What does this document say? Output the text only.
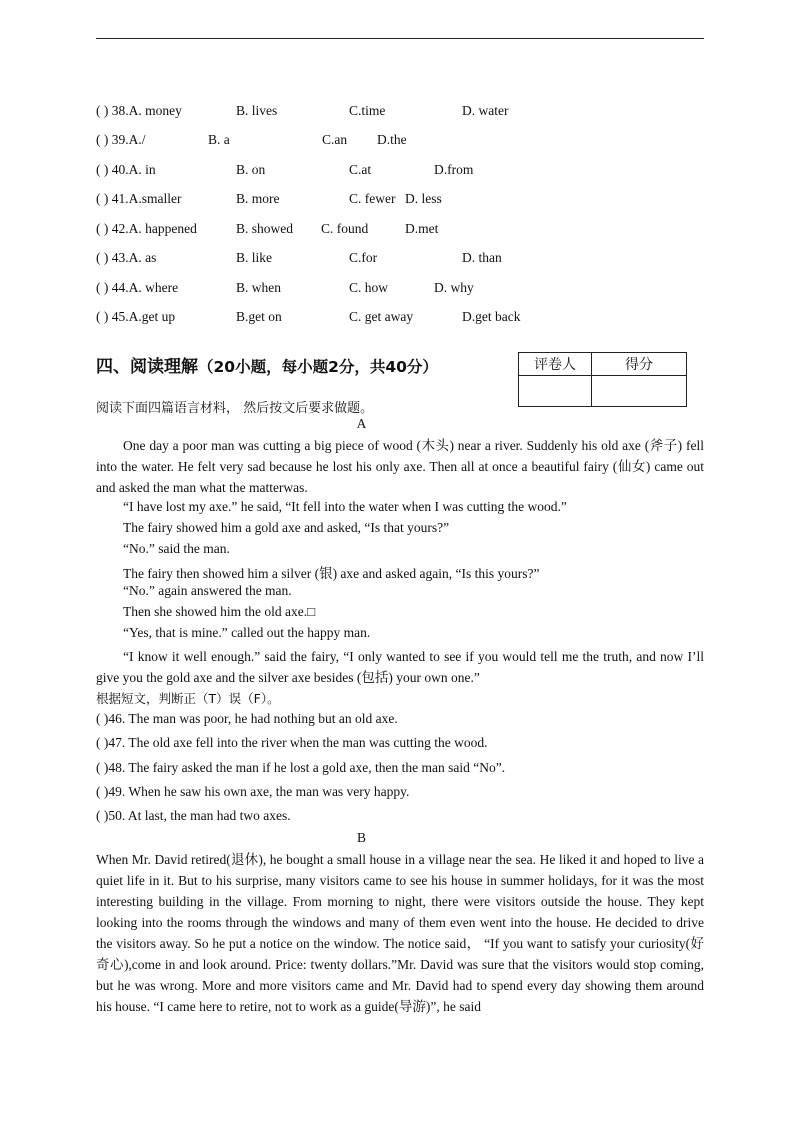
( ) 38.A. money	B. lives	C.time	D. water
( ) 39.A./	B. a	C.an D.the
( ) 40.A. in	B. on	C.at	D.from
( ) 41.A.smaller	B. more	C. fewer D. less
( ) 42.A. happened	B. showed C. found	D.met
( ) 43.A. as	B. like	C.for	D. than
( ) 44.A. where	B. when	C. how	D. why
( ) 45.A.get up	B.get on	C. get away	D.get back
四、阅读理解（20小题，每小题2分，共40分）	评卷人	得分

阅读下面四篇语言材料， 然后按文后要求做题。
A
One day a poor man was cutting a big piece of wood (木头) near a river. Suddenly his old axe (斧子) fell into the water. He felt very sad because he lost his only axe. Then all at once a beautiful fairy (仙女) came out and asked the man what the matterwas.
“I have lost my axe.” he said, “It fell into the water when I was cutting the wood.”
The fairy showed him a gold axe and asked, “Is that yours?”
“No.” said the man.
The fairy then showed him a silver (银) axe and asked again, “Is this yours?”
“No.” again answered the man.
Then she showed him the old axe.□
“Yes, that is mine.” called out the happy man.
“I know it well enough.” said the fairy, “I only wanted to see if you would tell me the truth, and now I’ll give you the gold axe and the silver axe besides (包括) your own one.”
根据短文，判断正（T）误（F）。
( )46. The man was poor, he had nothing but an old axe.
( )47. The old axe fell into the river when the man was cutting the wood.
( )48. The fairy asked the man if he lost a gold axe, then the man said “No”.
( )49. When he saw his own axe, the man was very happy.
( )50. At last, the man had two axes.
B
When Mr. David retired(退休), he bought a small house in a village near the sea. He liked it and hoped to live a quiet life in it. But to his surprise, many visitors came to see his house in summer holidays, for it was the most interesting building in the village. From morning to night, there were visitors outside the house. They kept looking into the rooms through the windows and many of them even went into the house. He decided to drive the visitors away. So he put a notice on the window. The notice said， “If you want to satisfy your curiosity(好奇心),come in and look around. Price: twenty dollars.”Mr. David was sure that the visitors would stop coming, but he was wrong. More and more visitors came and Mr. David had to spend every day showing them around his house. “I came here to retire, not to work as a guide(导游)”, he said
